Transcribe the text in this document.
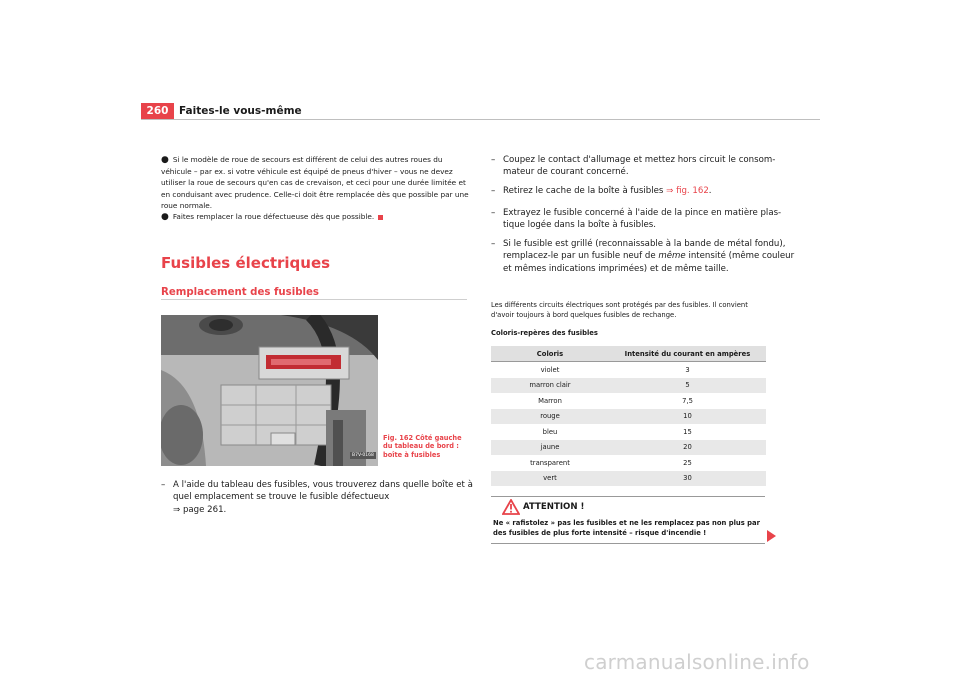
260	Faites-le vous-même
● Si le modèle de roue de secours est différent de celui des autres roues du véhicule – par ex. si votre véhicule est équipé de pneus d'hiver – vous ne devez utiliser la roue de secours qu'en cas de crevaison, et ceci pour une durée limitée et en conduisant avec prudence. Celle-ci doit être remplacée dès que possible par une roue normale.
● Faites remplacer la roue défectueuse dès que possible.
Fusibles électriques
Remplacement des fusibles
B7V-0168
Fig. 162 Côté gauche du tableau de bord : boîte à fusibles
– A l'aide du tableau des fusibles, vous trouverez dans quelle boîte et à quel emplacement se trouve le fusible défectueux
⇒ page 261.
– Coupez le contact d'allumage et mettez hors circuit le consom-mateur de courant concerné.
– Retirez le cache de la boîte à fusibles ⇒ fig. 162.
– Extrayez le fusible concerné à l'aide de la pince en matière plas-tique logée dans la boîte à fusibles.
– Si le fusible est grillé (reconnaissable à la bande de métal fondu), remplacez-le par un fusible neuf de même intensité (même couleur et mêmes indications imprimées) et de même taille.
Les différents circuits électriques sont protégés par des fusibles. Il convient d'avoir toujours à bord quelques fusibles de rechange.
Coloris-repères des fusibles
Coloris	Intensité du courant en ampères
violet	3
marron clair	5
Marron	7,5
rouge	10
bleu	15
jaune	20
transparent	25
vert	30
ATTENTION !
Ne « rafistolez » pas les fusibles et ne les remplacez pas non plus par des fusibles de plus forte intensité – risque d'incendie !
carmanualsonline.info
